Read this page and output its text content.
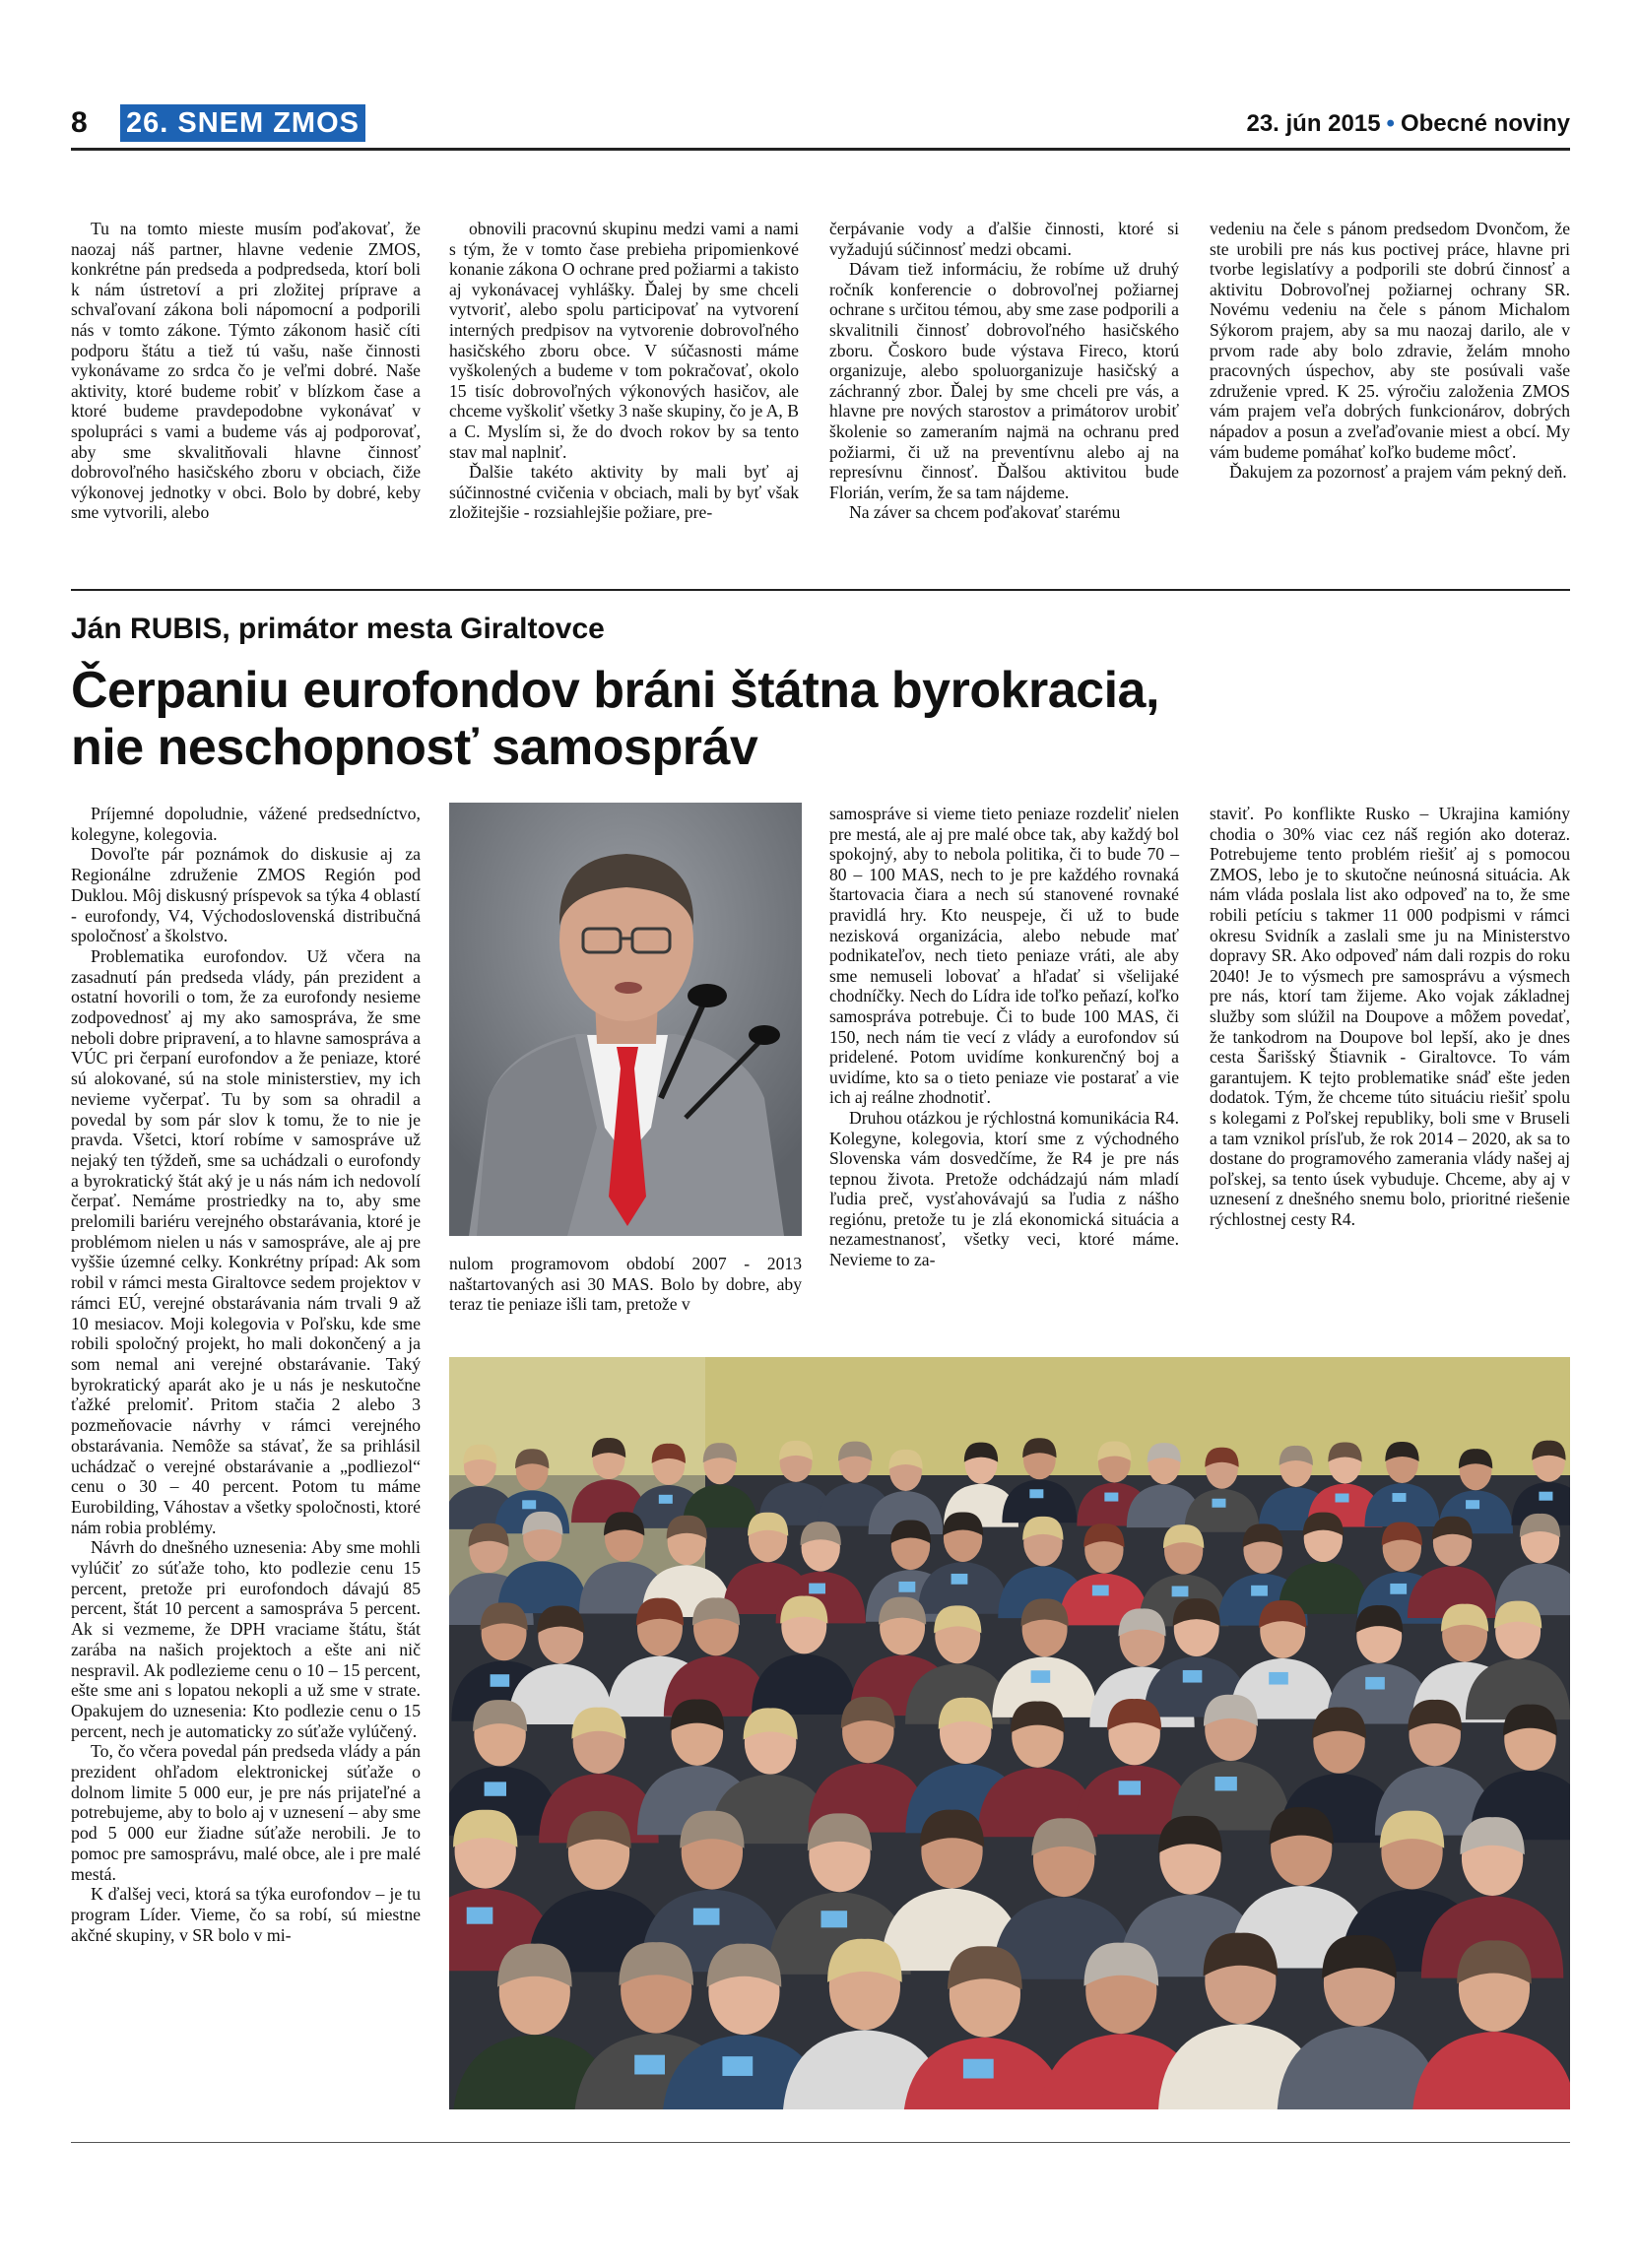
8 26. SNEM ZMOS	23. jún 2015 • Obecné noviny

Tu na tomto mieste musím poďakovať, že naozaj náš partner, hlavne vedenie ZMOS, konkrétne pán predseda a podpredseda, ktorí boli k nám ústretoví a pri zložitej príprave a schvaľovaní zákona boli nápomocní a podporili nás v tomto zákone. Týmto zákonom hasič cíti podporu štátu a tiež tú vašu, naše činnosti vykonávame zo srdca čo je veľmi dobré. Naše aktivity, ktoré budeme robiť v blízkom čase a ktoré budeme pravdepodobne vykonávať v spolupráci s vami a budeme vás aj podporovať, aby sme skvalitňovali hlavne činnosť dobrovoľného hasičského zboru v obciach, čiže výkonovej jednotky v obci. Bolo by dobré, keby sme vytvorili, alebo

obnovili pracovnú skupinu medzi vami a nami s tým, že v tomto čase prebieha pripomienkové konanie zákona O ochrane pred požiarmi a takisto aj vykonávacej vyhlášky. Ďalej by sme chceli vytvoriť, alebo spolu participovať na vytvorení interných predpisov na vytvorenie dobrovoľného hasičského zboru obce. V súčasnosti máme vyškolených a budeme v tom pokračovať, okolo 15 tisíc dobrovoľných výkonových hasičov, ale chceme vyškoliť všetky 3 naše skupiny, čo je A, B a C. Myslím si, že do dvoch rokov by sa tento stav mal naplniť.

Ďalšie takéto aktivity by mali byť aj súčinnostné cvičenia v obciach, mali by byť však zložitejšie - rozsiahlejšie požiare, pre-

čerpávanie vody a ďalšie činnosti, ktoré si vyžadujú súčinnosť medzi obcami.

Dávam tiež informáciu, že robíme už druhý ročník konferencie o dobrovoľnej požiarnej ochrane s určitou témou, aby sme zase podporili a skvalitnili činnosť dobrovoľného hasičského zboru. Čoskoro bude výstava Fireco, ktorú organizuje, alebo spoluorganizuje hasičský a záchranný zbor. Ďalej by sme chceli pre vás, a hlavne pre nových starostov a primátorov urobiť školenie so zameraním najmä na ochranu pred požiarmi, či už na preventívnu alebo aj na represívnu činnosť. Ďalšou aktivitou bude Florián, verím, že sa tam nájdeme.

Na záver sa chcem poďakovať starému

vedeniu na čele s pánom predsedom Dvončom, že ste urobili pre nás kus poctivej práce, hlavne pri tvorbe legislatívy a podporili ste dobrú činnosť a aktivitu Dobrovoľnej požiarnej ochrany SR. Novému vedeniu na čele s pánom Michalom Sýkorom prajem, aby sa mu naozaj darilo, ale v prvom rade aby bolo zdravie, želám mnoho pracovných úspechov, aby ste posúvali vaše združenie vpred. K 25. výročiu založenia ZMOS vám prajem veľa dobrých funkcionárov, dobrých nápadov a posun a zveľaďovanie miest a obcí. My vám budeme pomáhať koľko budeme môcť.

Ďakujem za pozornosť a prajem vám pekný deň.

Ján RUBIS, primátor mesta Giraltovce
Čerpaniu eurofondov bráni štátna byrokracia,
nie neschopnosť samospráv

Príjemné dopoludnie, vážené predsedníctvo, kolegyne, kolegovia.

Dovoľte pár poznámok do diskusie aj za Regionálne združenie ZMOS Región pod Duklou. Môj diskusný príspevok sa týka 4 oblastí - eurofondy, V4, Východoslovenská distribučná spoločnosť a školstvo.

Problematika eurofondov. Už včera na zasadnutí pán predseda vlády, pán prezident a ostatní hovorili o tom, že za eurofondy nesieme zodpovednosť aj my ako samospráva, že sme neboli dobre pripravení, a to hlavne samospráva a VÚC pri čerpaní eurofondov a že peniaze, ktoré sú alokované, sú na stole ministerstiev, my ich nevieme vyčerpať. Tu by som sa ohradil a povedal by som pár slov k tomu, že to nie je pravda. Všetci, ktorí robíme v samospráve už nejaký ten týždeň, sme sa uchádzali o eurofondy a byrokratický štát aký je u nás nám ich nedovolí čerpať. Nemáme prostriedky na to, aby sme prelomili bariéru verejného obstarávania, ktoré je problémom nielen u nás v samospráve, ale aj pre vyššie územné celky. Konkrétny prípad: Ak som robil v rámci mesta Giraltovce sedem projektov v rámci EÚ, verejné obstarávania nám trvali 9 až 10 mesiacov. Moji kolegovia v Poľsku, kde sme robili spoločný projekt, ho mali dokončený a ja som nemal ani verejné obstarávanie. Taký byrokratický aparát ako je u nás je neskutočne ťažké prelomiť. Pritom stačia 2 alebo 3 pozmeňovacie návrhy v rámci verejného obstarávania. Nemôže sa stávať, že sa prihlásil uchádzač o verejné obstarávanie a „podliezol“ cenu o 30 – 40 percent. Potom tu máme Eurobilding, Váhostav a všetky spoločnosti, ktoré nám robia problémy.

Návrh do dnešného uznesenia: Aby sme mohli vylúčiť zo súťaže toho, kto podlezie cenu 15 percent, pretože pri eurofondoch dávajú 85 percent, štát 10 percent a samospráva 5 percent. Ak si vezmeme, že DPH vraciame štátu, štát zarába na našich projektoch a ešte ani nič nespravil. Ak podlezieme cenu o 10 – 15 percent, ešte sme ani s lopatou nekopli a už sme v strate. Opakujem do uznesenia: Kto podlezie cenu o 15 percent, nech je automaticky zo súťaže vylúčený.

To, čo včera povedal pán predseda vlády a pán prezident ohľadom elektronickej súťaže o dolnom limite 5 000 eur, je pre nás prijateľné a potrebujeme, aby to bolo aj v uznesení – aby sme pod 5 000 eur žiadne súťaže nerobili. Je to pomoc pre samosprávu, malé obce, ale i pre malé mestá.

K ďalšej veci, ktorá sa týka eurofondov – je tu program Líder. Vieme, čo sa robí, sú miestne akčné skupiny, v SR bolo v mi-

nulom programovom období 2007 - 2013 naštartovaných asi 30 MAS. Bolo by dobre, aby teraz tie peniaze išli tam, pretože v

samospráve si vieme tieto peniaze rozdeliť nielen pre mestá, ale aj pre malé obce tak, aby každý bol spokojný, aby to nebola politika, či to bude 70 – 80 – 100 MAS, nech to je pre každého rovnaká štartovacia čiara a nech sú stanovené rovnaké pravidlá hry. Kto neuspeje, či už to bude nezisková organizácia, alebo nebude mať podnikateľov, nech tieto peniaze vráti, ale aby sme nemuseli lobovať a hľadať si všelijaké chodníčky. Nech do Lídra ide toľko peňazí, koľko samospráva potrebuje. Či to bude 100 MAS, či 150, nech nám tie vecí z vlády a eurofondov sú pridelené. Potom uvidíme konkurenčný boj a uvidíme, kto sa o tieto peniaze vie postarať a vie ich aj reálne zhodnotiť.

Druhou otázkou je rýchlostná komunikácia R4. Kolegyne, kolegovia, ktorí sme z východného Slovenska vám dosvedčíme, že R4 je pre nás tepnou života. Pretože odchádzajú nám mladí ľudia preč, vysťahovávajú sa ľudia z nášho regiónu, pretože tu je zlá ekonomická situácia a nezamestnanosť, všetky veci, ktoré máme. Nevieme to za-

staviť. Po konflikte Rusko – Ukrajina kamióny chodia o 30% viac cez náš región ako doteraz. Potrebujeme tento problém riešiť aj s pomocou ZMOS, lebo je to skutočne neúnosná situácia. Ak nám vláda poslala list ako odpoveď na to, že sme robili petíciu s takmer 11 000 podpismi v rámci okresu Svidník a zaslali sme ju na Ministerstvo dopravy SR. Ako odpoveď nám dali rozpis do roku 2040! Je to výsmech pre samosprávu a výsmech pre nás, ktorí tam žijeme. Ako vojak základnej služby som slúžil na Doupove a môžem povedať, že tankodrom na Doupove bol lepší, ako je dnes cesta Šarišský Štiavnik - Giraltovce. To vám garantujem. K tejto problematike snáď ešte jeden dodatok. Tým, že chceme túto situáciu riešiť spolu s kolegami z Poľskej republiky, boli sme v Bruseli a tam vznikol prísľub, že rok 2014 – 2020, ak sa to dostane do programového zamerania vlády našej aj poľskej, sa tento úsek vybuduje. Chceme, aby aj v uznesení z dnešného snemu bolo, prioritné riešenie rýchlostnej cesty R4.
